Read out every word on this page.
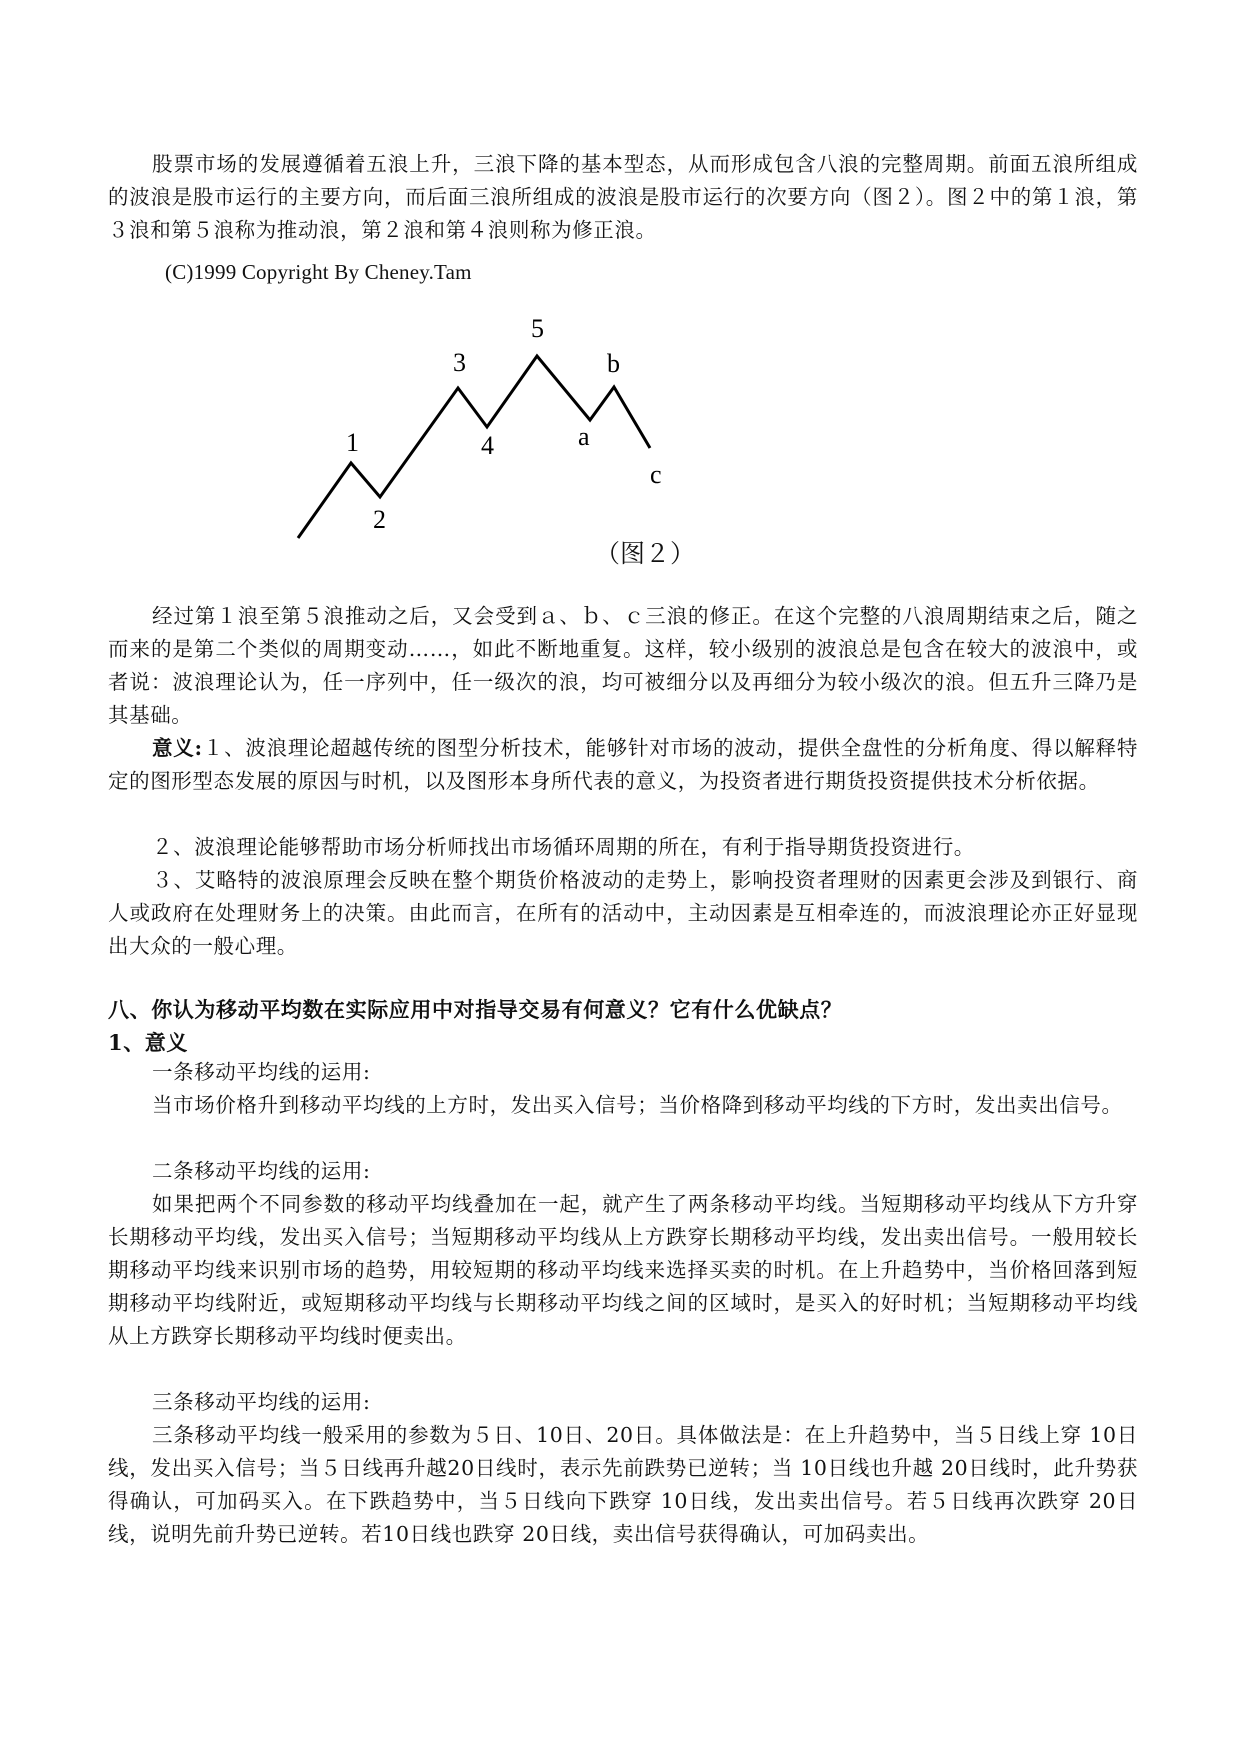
股票市场的发展遵循着五浪上升，三浪下降的基本型态，从而形成包含八浪的完整周期。前面五浪所组成的波浪是股市运行的主要方向，而后面三浪所组成的波浪是股市运行的次要方向（图２）。图２中的第１浪，第３浪和第５浪称为推动浪，第２浪和第４浪则称为修正浪。

(C)1999 Copyright By Cheney.Tam
1
2
3
4
5
a
b
c
（图２）

经过第１浪至第５浪推动之后，又会受到ａ、ｂ、ｃ三浪的修正。在这个完整的八浪周期结束之后，随之而来的是第二个类似的周期变动……，如此不断地重复。这样，较小级别的波浪总是包含在较大的波浪中，或者说：波浪理论认为，任一序列中，任一级次的浪，均可被细分以及再细分为较小级次的浪。但五升三降乃是其基础。

意义:１、波浪理论超越传统的图型分析技术，能够针对市场的波动，提供全盘性的分析角度、得以解释特定的图形型态发展的原因与时机，以及图形本身所代表的意义，为投资者进行期货投资提供技术分析依据。

２、波浪理论能够帮助市场分析师找出市场循环周期的所在，有利于指导期货投资进行。

３、艾略特的波浪原理会反映在整个期货价格波动的走势上，影响投资者理财的因素更会涉及到银行、商人或政府在处理财务上的决策。由此而言，在所有的活动中，主动因素是互相牵连的，而波浪理论亦正好显现出大众的一般心理。

八、你认为移动平均数在实际应用中对指导交易有何意义？它有什么优缺点？
1、意义

一条移动平均线的运用:

当市场价格升到移动平均线的上方时，发出买入信号；当价格降到移动平均线的下方时，发出卖出信号。

二条移动平均线的运用:

如果把两个不同参数的移动平均线叠加在一起，就产生了两条移动平均线。当短期移动平均线从下方升穿长期移动平均线，发出买入信号；当短期移动平均线从上方跌穿长期移动平均线，发出卖出信号。一般用较长期移动平均线来识别市场的趋势，用较短期的移动平均线来选择买卖的时机。在上升趋势中，当价格回落到短期移动平均线附近，或短期移动平均线与长期移动平均线之间的区域时，是买入的好时机；当短期移动平均线从上方跌穿长期移动平均线时便卖出。

三条移动平均线的运用:

三条移动平均线一般采用的参数为５日、10日、20日。具体做法是：在上升趋势中，当５日线上穿 10日线，发出买入信号；当５日线再升越20日线时，表示先前跌势已逆转；当 10日线也升越 20日线时，此升势获得确认，可加码买入。在下跌趋势中，当５日线向下跌穿 10日线，发出卖出信号。若５日线再次跌穿 20日线，说明先前升势已逆转。若10日线也跌穿 20日线，卖出信号获得确认，可加码卖出。
